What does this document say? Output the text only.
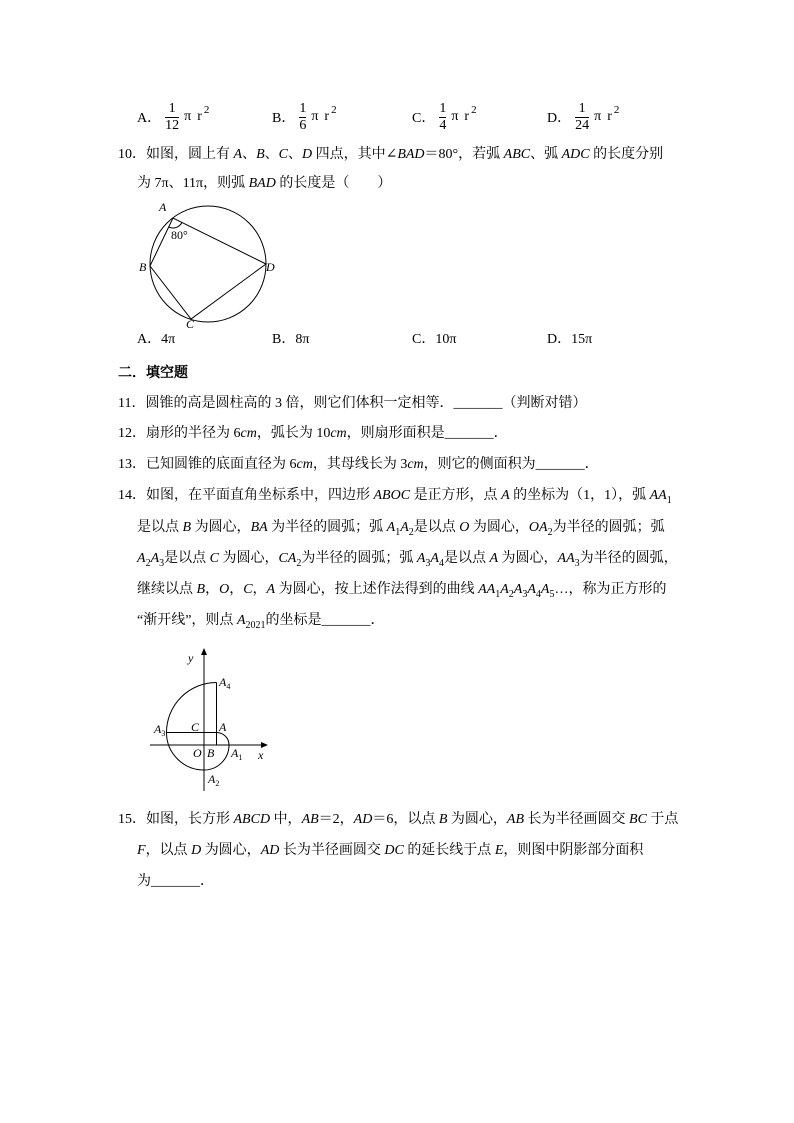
A． $\frac{1}{12}$ π r 2
B． $\frac{1}{6}$ π r 2
C． $\frac{1}{4}$ π r 2
D． $\frac{1}{24}$ π r 2
10．如图，圆上有 A、B、C、D 四点，其中∠BAD＝80°，若弧 ABC、弧 ADC 的长度分别
为 7π、11π，则弧 BAD 的长度是（　　）
A
B
C
D
80°
A．4π	B．8π	C．10π	D．15π
二．填空题
11．圆锥的高是圆柱高的 3 倍，则它们体积一定相等．_______（判断对错）
12．扇形的半径为 6cm，弧长为 10cm，则扇形面积是_______．
13．已知圆锥的底面直径为 6cm，其母线长为 3cm，则它的侧面积为_______．
14．如图，在平面直角坐标系中，四边形 ABOC 是正方形，点 A 的坐标为（1，1），弧 $AA_1$
是以点 B 为圆心，BA 为半径的圆弧；弧 $A_1A_2$是以点 O 为圆心，$OA_2$为半径的圆弧；弧
$A_2A_3$是以点 C 为圆心，$CA_2$为半径的圆弧；弧 $A_3A_4$是以点 A 为圆心，$AA_3$为半径的圆弧，
继续以点 B，O，C，A 为圆心，按上述作法得到的曲线 $AA_1A_2A_3A_4A_5\dots$，称为正方形的
“渐开线”，则点 $A_{2021}$的坐标是_______．
y
x
C A
O B $A_1$
$A_2$
$A_3$
$A_4$
15．如图，长方形 ABCD 中，AB＝2，AD＝6，以点 B 为圆心，AB 长为半径画圆交 BC 于点
F，以点 D 为圆心，AD 长为半径画圆交 DC 的延长线于点 E，则图中阴影部分面积
为_______．
